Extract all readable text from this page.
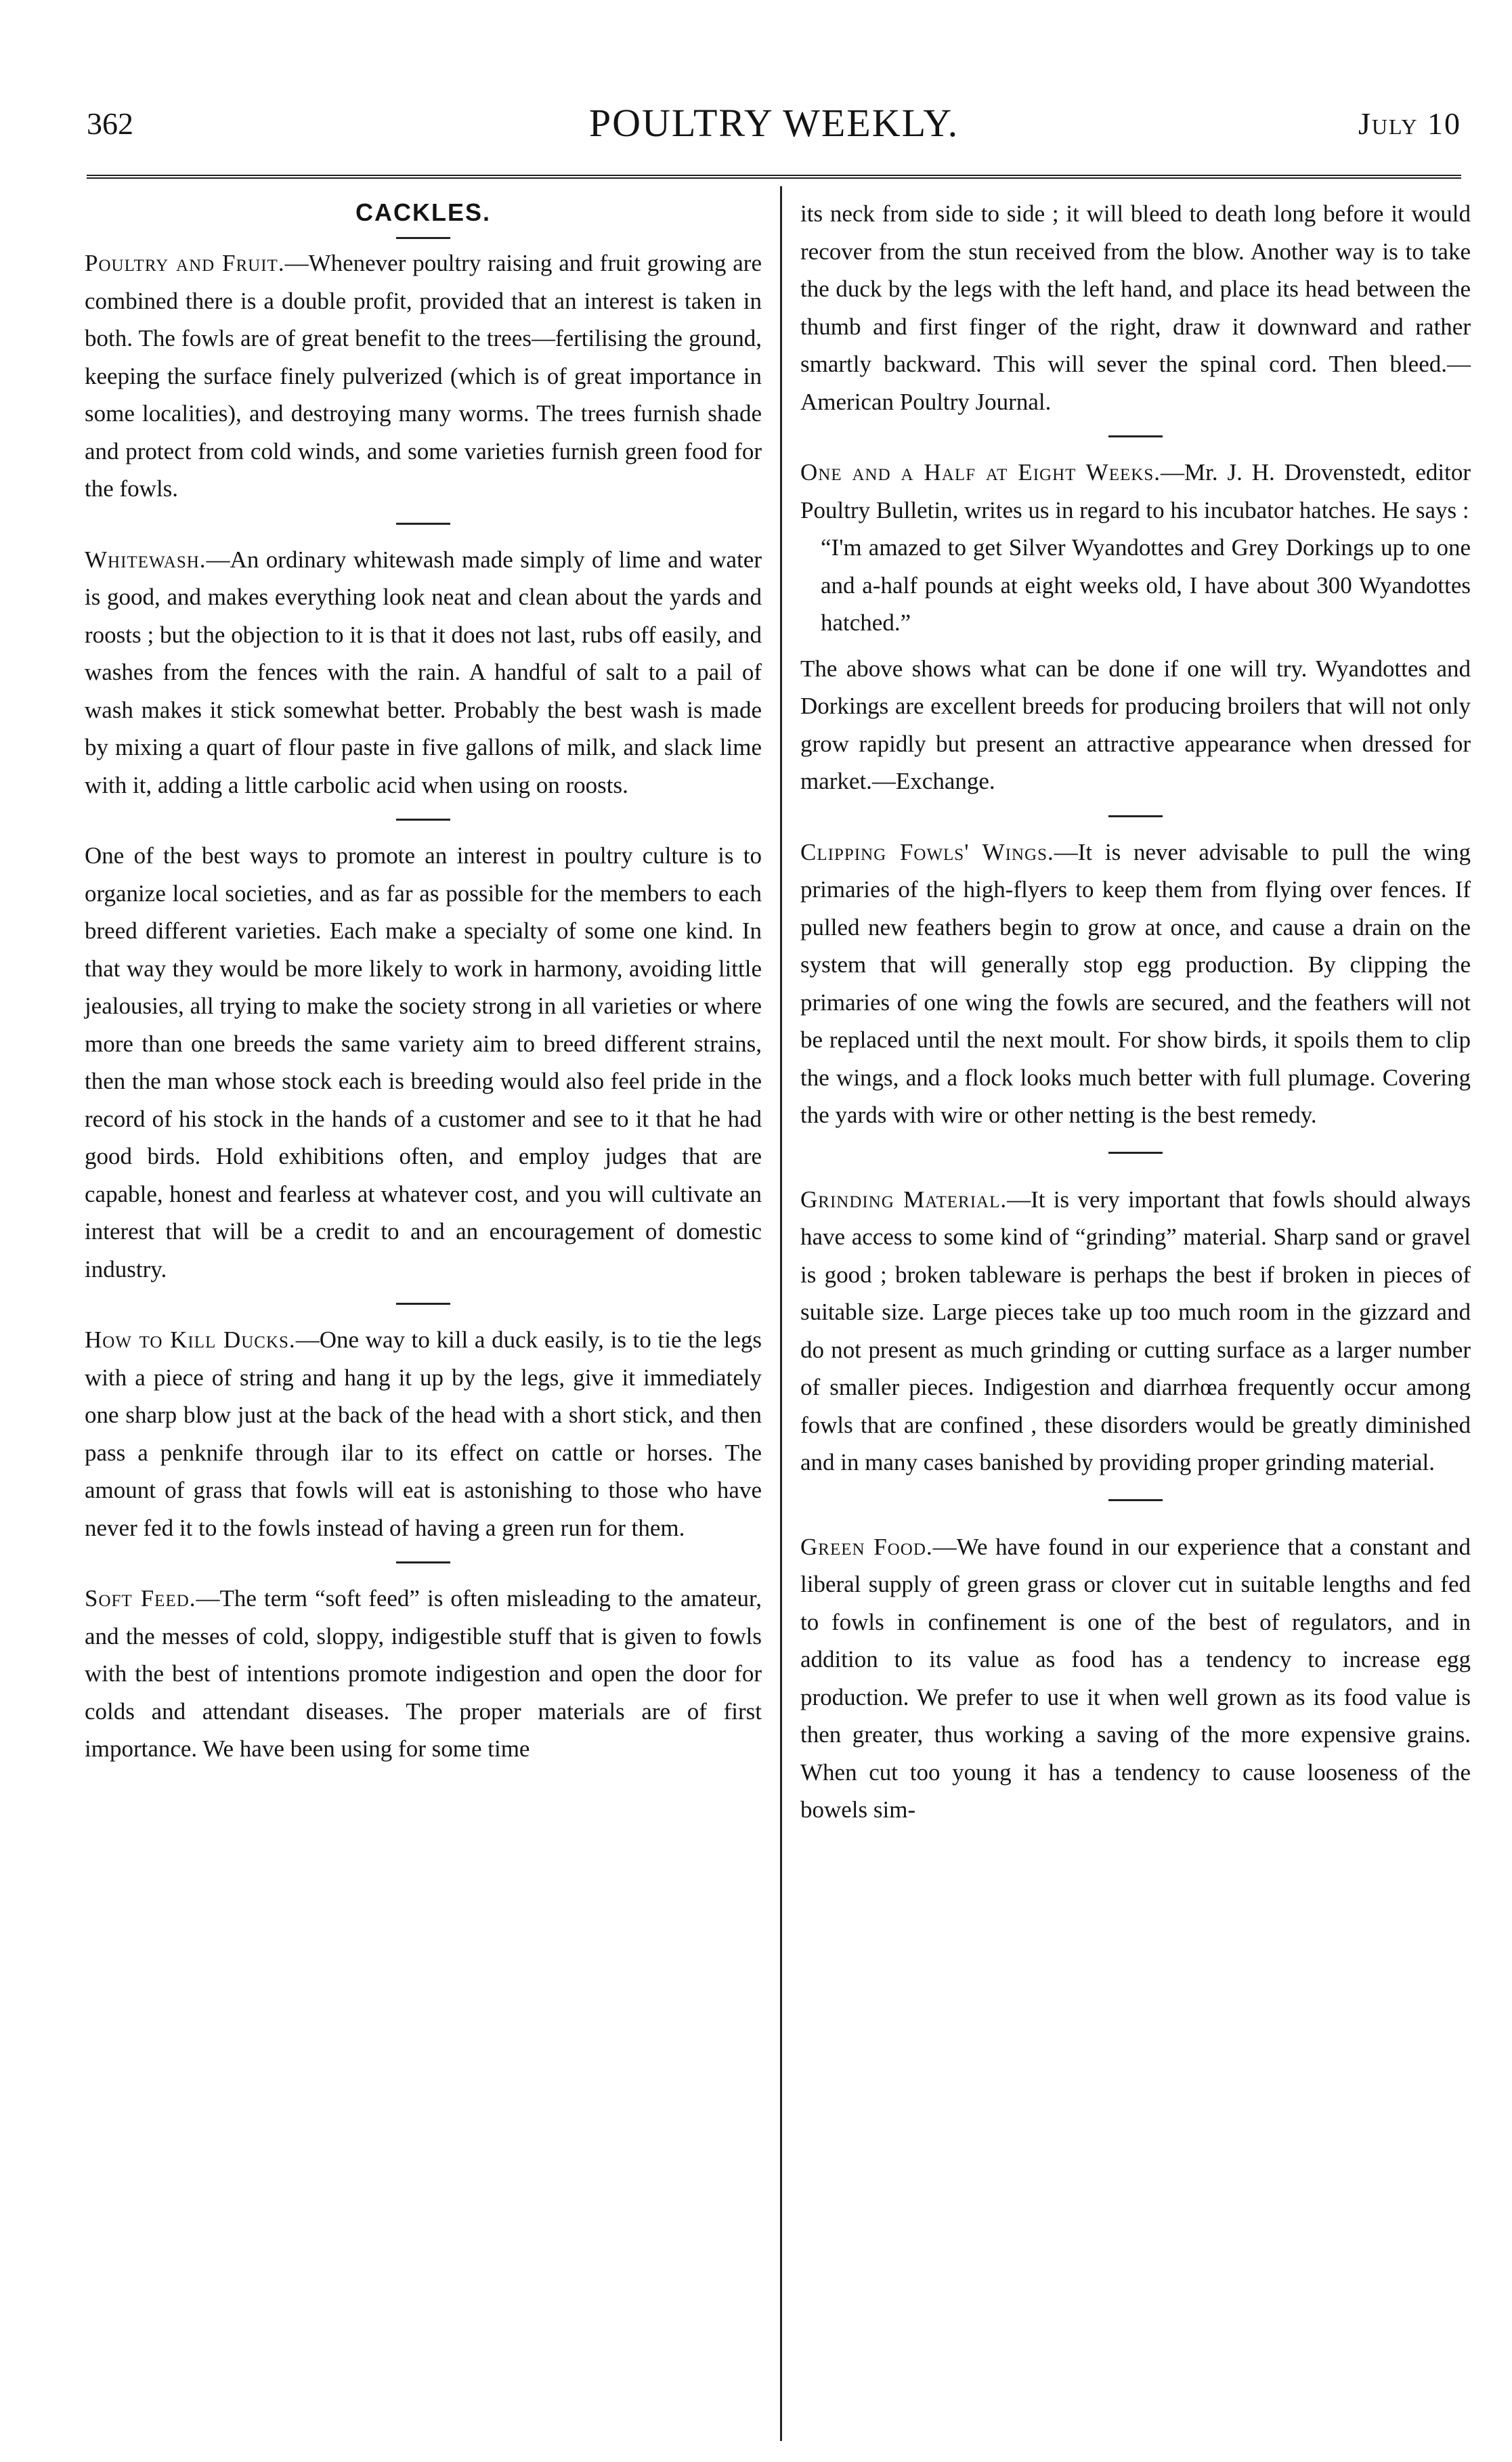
362	POULTRY WEEKLY.	July 10
CACKLES.

Poultry and Fruit.—Whenever poultry raising and fruit growing are combined there is a double profit, provided that an interest is taken in both. The fowls are of great benefit to the trees—fertilising the ground, keeping the surface finely pulverized (which is of great importance in some localities), and destroying many worms. The trees furnish shade and protect from cold winds, and some varieties furnish green food for the fowls.

Whitewash.—An ordinary whitewash made simply of lime and water is good, and makes everything look neat and clean about the yards and roosts ; but the objection to it is that it does not last, rubs off easily, and washes from the fences with the rain. A handful of salt to a pail of wash makes it stick somewhat better. Probably the best wash is made by mixing a quart of flour paste in five gallons of milk, and slack lime with it, adding a little carbolic acid when using on roosts.

One of the best ways to promote an interest in poultry culture is to organize local societies, and as far as possible for the members to each breed different varieties. Each make a specialty of some one kind. In that way they would be more likely to work in harmony, avoiding little jealousies, all trying to make the society strong in all varieties or where more than one breeds the same variety aim to breed different strains, then the man whose stock each is breeding would also feel pride in the record of his stock in the hands of a customer and see to it that he had good birds. Hold exhibitions often, and employ judges that are capable, honest and fearless at whatever cost, and you will cultivate an interest that will be a credit to and an encouragement of domestic industry.

How to Kill Ducks.—One way to kill a duck easily, is to tie the legs with a piece of string and hang it up by the legs, give it immediately one sharp blow just at the back of the head with a short stick, and then pass a penknife through ilar to its effect on cattle or horses. The amount of grass that fowls will eat is astonishing to those who have never fed it to the fowls instead of having a green run for them.

Soft Feed.—The term “soft feed” is often misleading to the amateur, and the messes of cold, sloppy, indigestible stuff that is given to fowls with the best of intentions promote indigestion and open the door for colds and attendant diseases. The proper materials are of first importance. We have been using for some time

its neck from side to side ; it will bleed to death long before it would recover from the stun received from the blow. Another way is to take the duck by the legs with the left hand, and place its head between the thumb and first finger of the right, draw it downward and rather smartly backward. This will sever the spinal cord. Then bleed.—American Poultry Journal.

One and a Half at Eight Weeks.—Mr. J. H. Drovenstedt, editor Poultry Bulletin, writes us in regard to his incubator hatches. He says :

“I'm amazed to get Silver Wyandottes and Grey Dorkings up to one and a-half pounds at eight weeks old, I have about 300 Wyandottes hatched.”

The above shows what can be done if one will try. Wyandottes and Dorkings are excellent breeds for producing broilers that will not only grow rapidly but present an attractive appearance when dressed for market.—Exchange.

Clipping Fowls' Wings.—It is never advisable to pull the wing primaries of the high-flyers to keep them from flying over fences. If pulled new feathers begin to grow at once, and cause a drain on the system that will generally stop egg production. By clipping the primaries of one wing the fowls are secured, and the feathers will not be replaced until the next moult. For show birds, it spoils them to clip the wings, and a flock looks much better with full plumage. Covering the yards with wire or other netting is the best remedy.

Grinding Material.—It is very important that fowls should always have access to some kind of “grinding” material. Sharp sand or gravel is good ; broken tableware is perhaps the best if broken in pieces of suitable size. Large pieces take up too much room in the gizzard and do not present as much grinding or cutting surface as a larger number of smaller pieces. Indigestion and diarrhœa frequently occur among fowls that are confined , these disorders would be greatly diminished and in many cases banished by providing proper grinding material.

Green Food.—We have found in our experience that a constant and liberal supply of green grass or clover cut in suitable lengths and fed to fowls in confinement is one of the best of regulators, and in addition to its value as food has a tendency to increase egg production. We prefer to use it when well grown as its food value is then greater, thus working a saving of the more expensive grains. When cut too young it has a tendency to cause looseness of the bowels sim-
